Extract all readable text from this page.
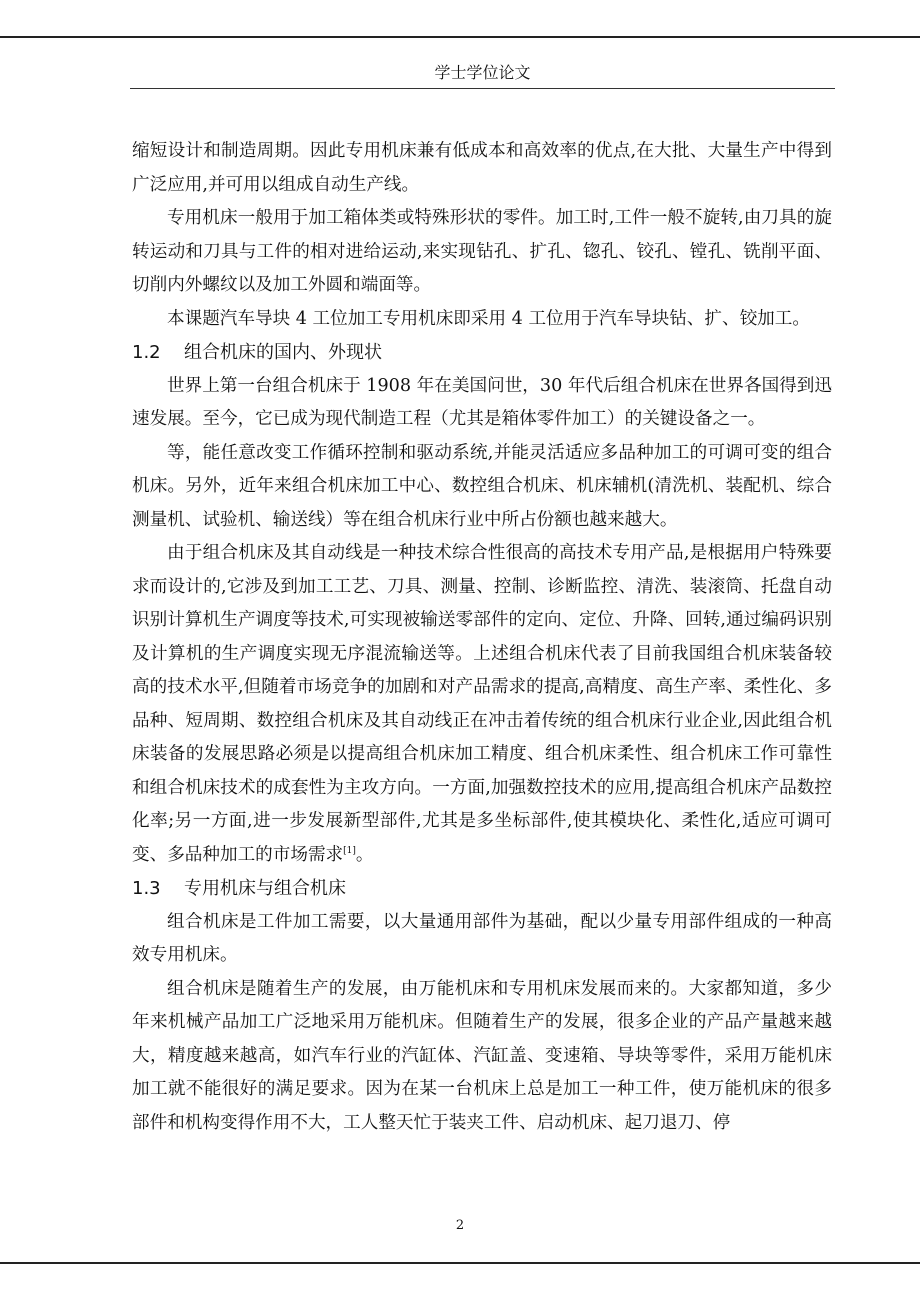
学士学位论文

缩短设计和制造周期。因此专用机床兼有低成本和高效率的优点,在大批、大量生产中得到广泛应用,并可用以组成自动生产线。

专用机床一般用于加工箱体类或特殊形状的零件。加工时,工件一般不旋转,由刀具的旋转运动和刀具与工件的相对进给运动,来实现钻孔、扩孔、锪孔、铰孔、镗孔、铣削平面、切削内外螺纹以及加工外圆和端面等。

本课题汽车导块 4 工位加工专用机床即采用 4 工位用于汽车导块钻、扩、铰加工。

1.2 组合机床的国内、外现状

世界上第一台组合机床于 1908 年在美国问世，30 年代后组合机床在世界各国得到迅速发展。至今，它已成为现代制造工程（尤其是箱体零件加工）的关键设备之一。

等，能任意改变工作循环控制和驱动系统,并能灵活适应多品种加工的可调可变的组合机床。另外，近年来组合机床加工中心、数控组合机床、机床辅机(清洗机、装配机、综合测量机、试验机、输送线）等在组合机床行业中所占份额也越来越大。

由于组合机床及其自动线是一种技术综合性很高的高技术专用产品,是根据用户特殊要求而设计的,它涉及到加工工艺、刀具、测量、控制、诊断监控、清洗、装滚筒、托盘自动识别计算机生产调度等技术,可实现被输送零部件的定向、定位、升降、回转,通过编码识别及计算机的生产调度实现无序混流输送等。上述组合机床代表了目前我国组合机床装备较高的技术水平,但随着市场竞争的加剧和对产品需求的提高,高精度、高生产率、柔性化、多品种、短周期、数控组合机床及其自动线正在冲击着传统的组合机床行业企业,因此组合机床装备的发展思路必须是以提高组合机床加工精度、组合机床柔性、组合机床工作可靠性和组合机床技术的成套性为主攻方向。一方面,加强数控技术的应用,提高组合机床产品数控化率;另一方面,进一步发展新型部件,尤其是多坐标部件,使其模块化、柔性化,适应可调可变、多品种加工的市场需求[1]。

1.3 专用机床与组合机床

组合机床是工件加工需要，以大量通用部件为基础，配以少量专用部件组成的一种高效专用机床。

组合机床是随着生产的发展，由万能机床和专用机床发展而来的。大家都知道，多少年来机械产品加工广泛地采用万能机床。但随着生产的发展，很多企业的产品产量越来越大，精度越来越高，如汽车行业的汽缸体、汽缸盖、变速箱、导块等零件，采用万能机床加工就不能很好的满足要求。因为在某一台机床上总是加工一种工件，使万能机床的很多部件和机构变得作用不大，工人整天忙于装夹工件、启动机床、起刀退刀、停

2
